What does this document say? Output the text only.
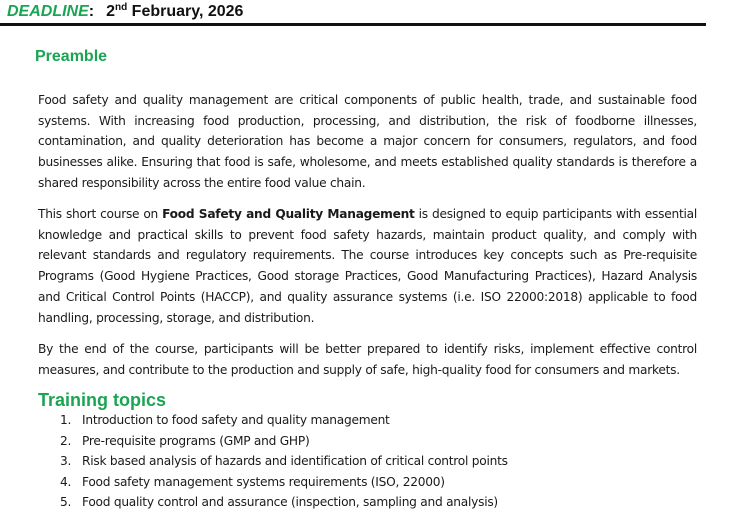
DEADLINE: 2nd February, 2026
Preamble

Food safety and quality management are critical components of public health, trade, and sustainable food systems. With increasing food production, processing, and distribution, the risk of foodborne illnesses, contamination, and quality deterioration has become a major concern for consumers, regulators, and food businesses alike. Ensuring that food is safe, wholesome, and meets established quality standards is therefore a shared responsibility across the entire food value chain.

This short course on Food Safety and Quality Management is designed to equip participants with essential knowledge and practical skills to prevent food safety hazards, maintain product quality, and comply with relevant standards and regulatory requirements. The course introduces key concepts such as Pre-requisite Programs (Good Hygiene Practices, Good storage Practices, Good Manufacturing Practices), Hazard Analysis and Critical Control Points (HACCP), and quality assurance systems (i.e. ISO 22000:2018) applicable to food handling, processing, storage, and distribution.

By the end of the course, participants will be better prepared to identify risks, implement effective control measures, and contribute to the production and supply of safe, high-quality food for consumers and markets.

Training topics
1. Introduction to food safety and quality management
2. Pre-requisite programs (GMP and GHP)
3. Risk based analysis of hazards and identification of critical control points
4. Food safety management systems requirements (ISO, 22000)
5. Food quality control and assurance (inspection, sampling and analysis)
